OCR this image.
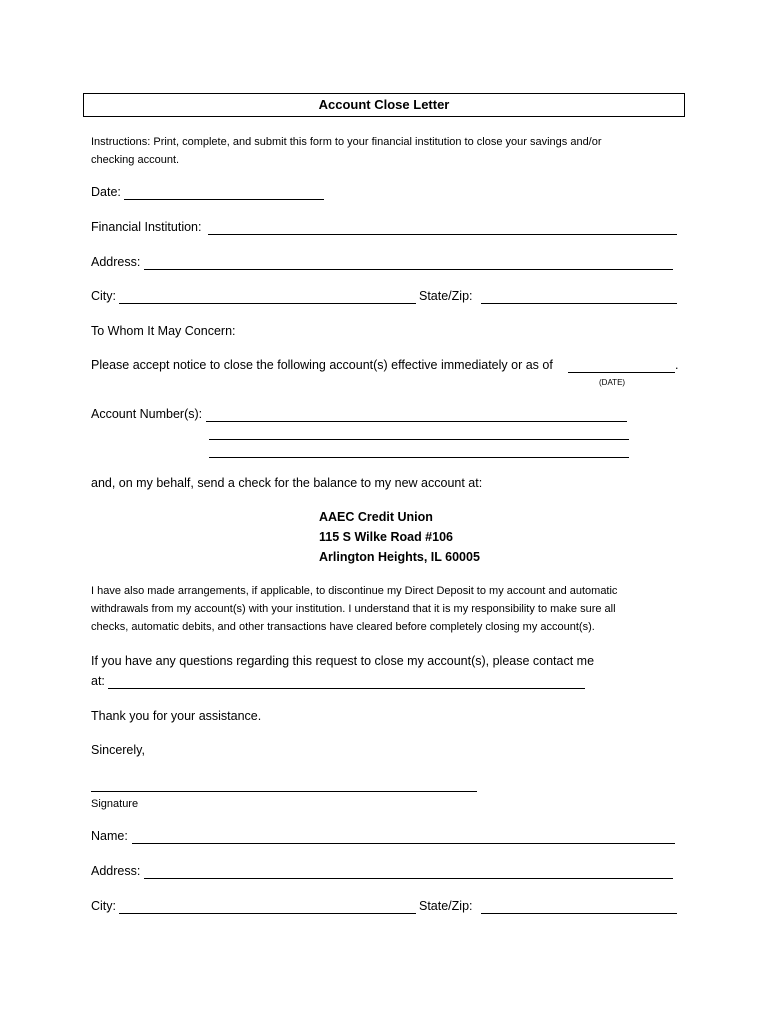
Account Close Letter
Instructions: Print, complete, and submit this form to your financial institution to close your savings and/or
checking account.
Date:
Financial Institution:
Address:
City:	State/Zip:
To Whom It May Concern:
Please accept notice to close the following account(s) effective immediately or as of	.
(DATE)
Account Number(s):
and, on my behalf, send a check for the balance to my new account at:
AAEC Credit Union
115 S Wilke Road #106
Arlington Heights, IL 60005
I have also made arrangements, if applicable, to discontinue my Direct Deposit to my account and automatic
withdrawals from my account(s) with your institution. I understand that it is my responsibility to make sure all
checks, automatic debits, and other transactions have cleared before completely closing my account(s).
If you have any questions regarding this request to close my account(s), please contact me
at:
Thank you for your assistance.
Sincerely,
Signature
Name:
Address:
City:	State/Zip:
